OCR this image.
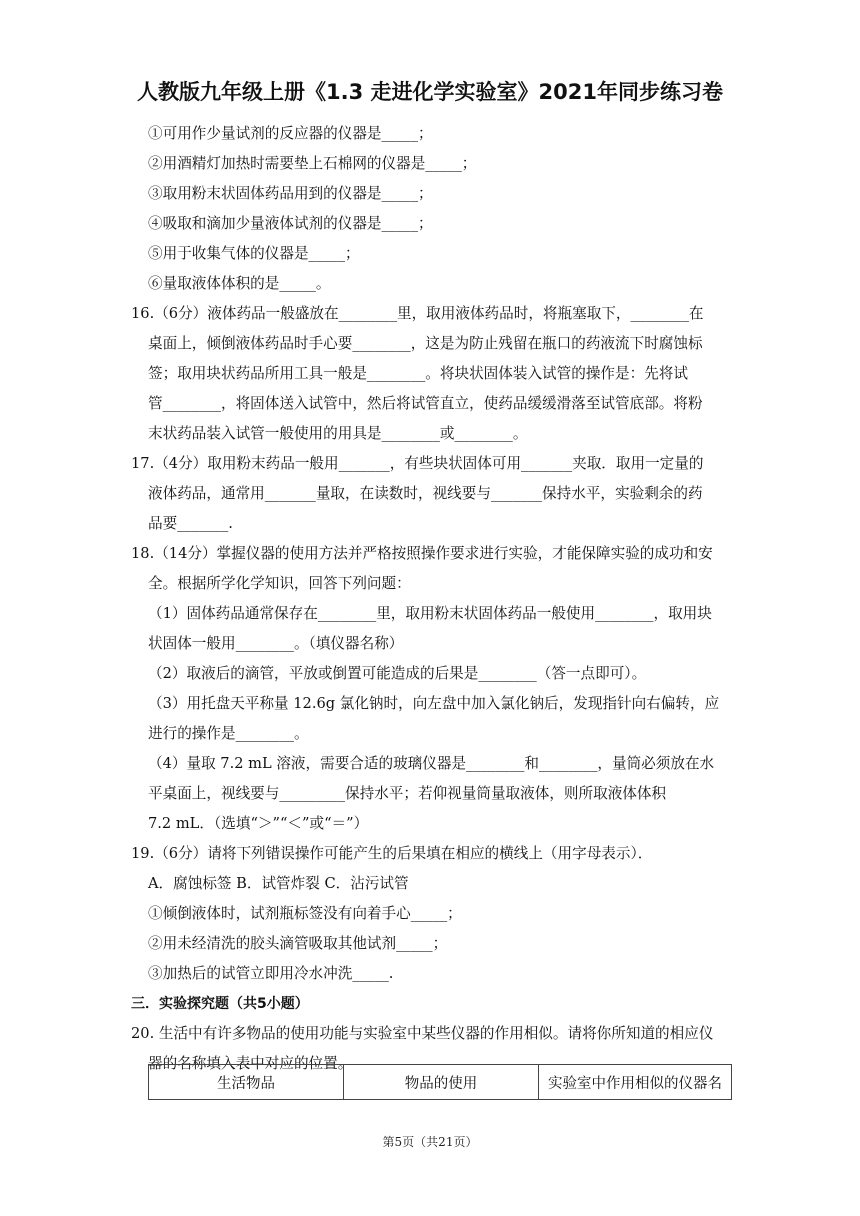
人教版九年级上册《1.3 走进化学实验室》2021年同步练习卷
①可用作少量试剂的反应器的仪器是_____；
②用酒精灯加热时需要垫上石棉网的仪器是_____；
③取用粉末状固体药品用到的仪器是_____；
④吸取和滴加少量液体试剂的仪器是_____；
⑤用于收集气体的仪器是_____；
⑥量取液体体积的是_____。
16.（6分）液体药品一般盛放在________里，取用液体药品时，将瓶塞取下，________在
桌面上，倾倒液体药品时手心要________，这是为防止残留在瓶口的药液流下时腐蚀标
签；取用块状药品所用工具一般是________。将块状固体装入试管的操作是：先将试
管________，将固体送入试管中，然后将试管直立，使药品缓缓滑落至试管底部。将粉
末状药品装入试管一般使用的用具是________或________。
17.（4分）取用粉末药品一般用_______，有些块状固体可用_______夹取．取用一定量的
液体药品，通常用_______量取，在读数时，视线要与_______保持水平，实验剩余的药
品要_______.
18.（14分）掌握仪器的使用方法并严格按照操作要求进行实验，才能保障实验的成功和安
全。根据所学化学知识，回答下列问题：
（1）固体药品通常保存在________里，取用粉末状固体药品一般使用________，取用块
状固体一般用________。（填仪器名称）
（2）取液后的滴管，平放或倒置可能造成的后果是________（答一点即可）。
（3）用托盘天平称量 12.6g 氯化钠时，向左盘中加入氯化钠后，发现指针向右偏转，应
进行的操作是________。
（4）量取 7.2 mL 溶液，需要合适的玻璃仪器是________和________，量筒必须放在水
平桌面上，视线要与_________保持水平；若仰视量筒量取液体，则所取液体体积
7.2 mL．（选填“＞”“＜”或“＝”）
19.（6分）请将下列错误操作可能产生的后果填在相应的横线上（用字母表示）．
A．腐蚀标签 B．试管炸裂 C．沾污试管
①倾倒液体时，试剂瓶标签没有向着手心_____；
②用未经清洗的胶头滴管吸取其他试剂_____；
③加热后的试管立即用冷水冲洗_____.
三．实验探究题（共5小题）
20. 生活中有许多物品的使用功能与实验室中某些仪器的作用相似。请将你所知道的相应仪
器的名称填入表中对应的位置。
生活物品	物品的使用	实验室中作用相似的仪器名
第5页（共21页）
